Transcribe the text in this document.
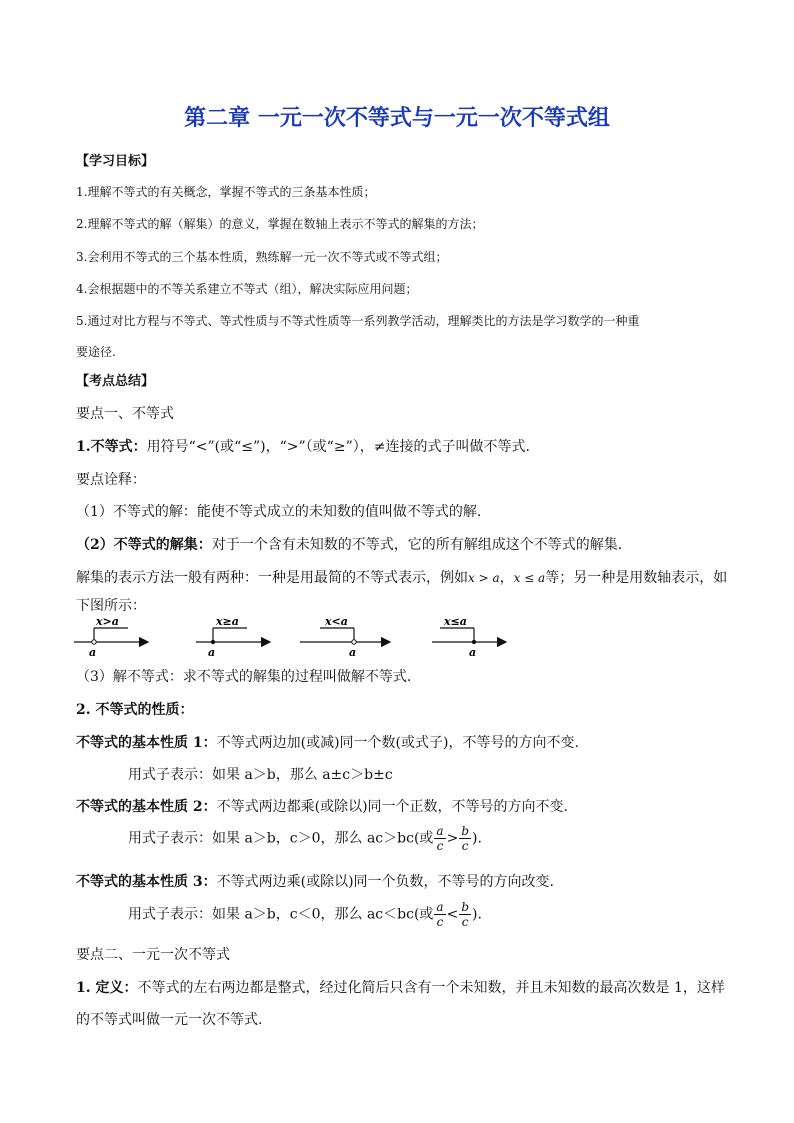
第二章 一元一次不等式与一元一次不等式组
【学习目标】
1.理解不等式的有关概念，掌握不等式的三条基本性质；
2.理解不等式的解（解集）的意义，掌握在数轴上表示不等式的解集的方法；
3.会利用不等式的三个基本性质，熟练解一元一次不等式或不等式组；
4.会根据题中的不等关系建立不等式（组），解决实际应用问题；
5.通过对比方程与不等式、等式性质与不等式性质等一系列教学活动，理解类比的方法是学习数学的一种重
要途径.
【考点总结】
要点一、不等式
1.不等式：用符号“<”(或“≤”)，“>”（或“≥”），≠连接的式子叫做不等式.
要点诠释：
（1）不等式的解：能使不等式成立的未知数的值叫做不等式的解.
（2）不等式的解集：对于一个含有未知数的不等式，它的所有解组成这个不等式的解集.
解集的表示方法一般有两种：一种是用最简的不等式表示，例如x > a，x ≤ a等；另一种是用数轴表示，如
下图所示：
x>a
a
x≥a
a
x<a
a
x≤a
a
（3）解不等式：求不等式的解集的过程叫做解不等式.
2. 不等式的性质：
不等式的基本性质 1：不等式两边加(或减)同一个数(或式子)，不等号的方向不变.
用式子表示：如果 a＞b，那么 a±c＞b±c
不等式的基本性质 2：不等式两边都乘(或除以)同一个正数，不等号的方向不变.
用式子表示：如果 a＞b，c＞0，那么 ac＞bc(或 $\frac{a}{c} > \frac{b}{c}$ ).
不等式的基本性质 3：不等式两边乘(或除以)同一个负数，不等号的方向改变.
用式子表示：如果 a＞b，c＜0，那么 ac＜bc(或 $\frac{a}{c} < \frac{b}{c}$ ).
要点二、一元一次不等式
1. 定义：不等式的左右两边都是整式，经过化简后只含有一个未知数，并且未知数的最高次数是 1，这样
的不等式叫做一元一次不等式.
